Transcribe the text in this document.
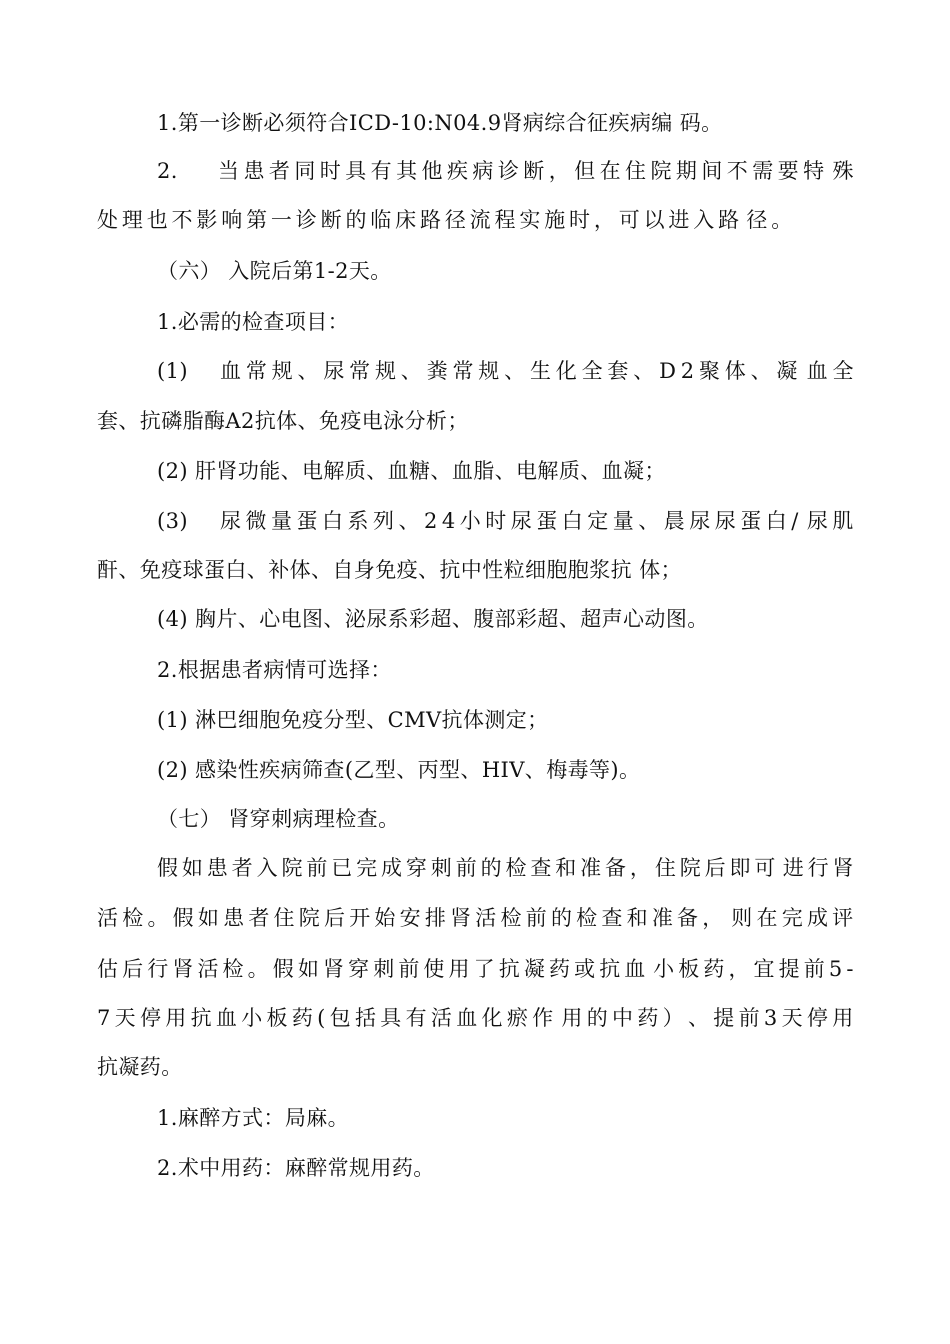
1.第一诊断必须符合ICD-10:N04.9肾病综合征疾病编 码。
2. 当 患 者 同 时 具 有 其 他 疾 病 诊 断 ， 但 在 住 院 期 间 不 需 要 特 殊
处 理 也 不 影 响 第 一 诊 断 的 临 床 路 径 流 程 实 施 时 ， 可 以 进 入 路 径 。
（六） 入院后第1-2天。
1.必需的检查项目：
(1) 血 常 规 、 尿 常 规 、 粪 常 规 、 生 化 全 套 、 D 2 聚 体 、 凝 血 全
套、抗磷脂酶A2抗体、免疫电泳分析；
(2) 肝肾功能、电解质、血糖、血脂、电解质、血凝；
(3) 尿 微 量 蛋 白 系 列 、 2 4 小 时 尿 蛋 白 定 量 、 晨 尿 尿 蛋 白 / 尿 肌
酐、免疫球蛋白、补体、自身免疫、抗中性粒细胞胞浆抗 体；
(4) 胸片、心电图、泌尿系彩超、腹部彩超、超声心动图。
2.根据患者病情可选择：
(1) 淋巴细胞免疫分型、CMV抗体测定；
(2) 感染性疾病筛查(乙型、丙型、HIV、梅毒等)。
（七） 肾穿刺病理检查。
假 如 患 者 入 院 前 已 完 成 穿 刺 前 的 检 查 和 准 备 ， 住 院 后 即 可 进 行 肾
活 检 。 假 如 患 者 住 院 后 开 始 安 排 肾 活 检 前 的 检 查 和 准 备 ， 则 在 完 成 评
估 后 行 肾 活 检 。 假 如 肾 穿 刺 前 使 用 了 抗 凝 药 或 抗 血 小 板 药 ， 宜 提 前 5 -
7 天 停 用 抗 血 小 板 药 ( 包 括 具 有 活 血 化 瘀 作 用 的 中 药 ） 、 提 前 3 天 停 用
抗凝药。
1.麻醉方式：局麻。
2.术中用药：麻醉常规用药。
